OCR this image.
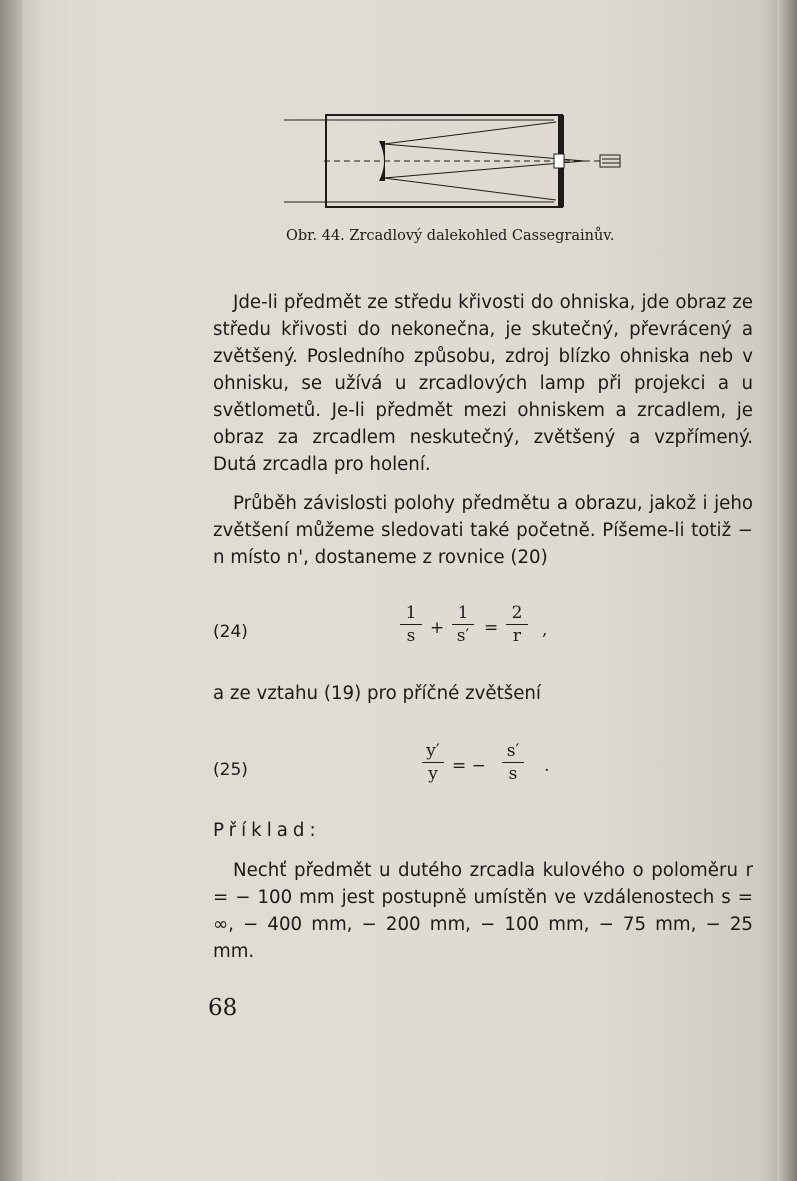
Obr. 44. Zrcadlový dalekohled Cassegrainův.
Jde-li předmět ze středu křivosti do ohniska, jde obraz ze středu křivosti do nekonečna, je skutečný, převrácený a zvětšený. Posledního způsobu, zdroj blízko ohniska neb v ohnisku, se užívá u zrcadlových lamp při projekci a u světlometů. Je-li předmět mezi ohniskem a zrcadlem, je obraz za zrcadlem neskutečný, zvětšený a vzpřímený. Dutá zrcadla pro holení.
Průběh závislosti polohy předmětu a obrazu, jakož i jeho zvětšení můžeme sledovati také početně. Píšeme-li totiž − n místo n', dostaneme z rovnice (20)
(24)	$\frac{1}{s} + \frac{1}{s'} = \frac{2}{r}$ ,
a ze vztahu (19) pro příčné zvětšení
(25)	$\frac{y'}{y}$ = − $\frac{s'}{s}$ .
Příklad:
Nechť předmět u dutého zrcadla kulového o poloměru r = − 100 mm jest postupně umístěn ve vzdálenostech s = ∞, − 400 mm, − 200 mm, − 100 mm, − 75 mm, − 25 mm.
68
